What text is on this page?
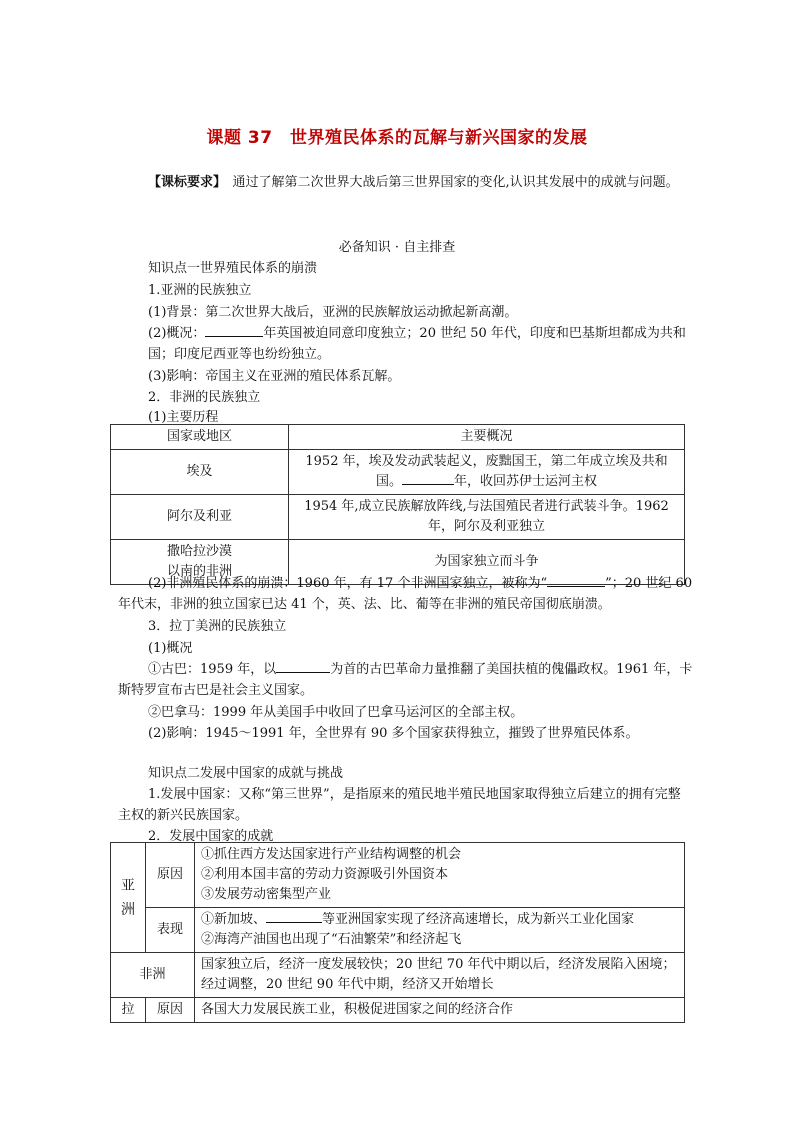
课题 37　世界殖民体系的瓦解与新兴国家的发展
【课标要求】　通过了解第二次世界大战后第三世界国家的变化,认识其发展中的成就与问题。
必备知识 · 自主排查
知识点一世界殖民体系的崩溃
1.亚洲的民族独立
(1)背景：第二次世界大战后，亚洲的民族解放运动掀起新高潮。
(2)概况：	年英国被迫同意印度独立；20 世纪 50 年代，印度和巴基斯坦都成为共和国；印度尼西亚等也纷纷独立。
(3)影响：帝国主义在亚洲的殖民体系瓦解。
2．非洲的民族独立
(1)主要历程
国家或地区	主要概况
埃及	1952 年，埃及发动武装起义，废黜国王，第二年成立埃及共和国。 年，收回苏伊士运河主权
阿尔及利亚	1954 年,成立民族解放阵线,与法国殖民者进行武装斗争。1962 年，阿尔及利亚独立

撒哈拉沙漠
以南的非洲	为国家独立而斗争
(2)非洲殖民体系的崩溃：1960 年，有 17 个非洲国家独立，被称为“	”；20 世纪 60 年代末，非洲的独立国家已达 41 个，英、法、比、葡等在非洲的殖民帝国彻底崩溃。
3．拉丁美洲的民族独立
(1)概况
①古巴：1959 年，以	为首的古巴革命力量推翻了美国扶植的傀儡政权。1961 年，卡斯特罗宣布古巴是社会主义国家。
②巴拿马：1999 年从美国手中收回了巴拿马运河区的全部主权。
(2)影响：1945～1991 年，全世界有 90 多个国家获得独立，摧毁了世界殖民体系。
知识点二发展中国家的成就与挑战
1.发展中国家：又称“第三世界”，是指原来的殖民地半殖民地国家取得独立后建立的拥有完整主权的新兴民族国家。
2．发展中国家的成就
亚洲	原因	①抓住西方发达国家进行产业结构调整的机会
②利用本国丰富的劳动力资源吸引外国资本
③发展劳动密集型产业

	表现	①新加坡、 等亚洲国家实现了经济高速增长，成为新兴工业化国家
②海湾产油国也出现了“石油繁荣”和经济起飞

非洲		国家独立后，经济一度发展较快；20 世纪 70 年代中期以后，经济发展陷入困境；经过调整，20 世纪 90 年代中期，经济又开始增长
拉	原因	各国大力发展民族工业，积极促进国家之间的经济合作
